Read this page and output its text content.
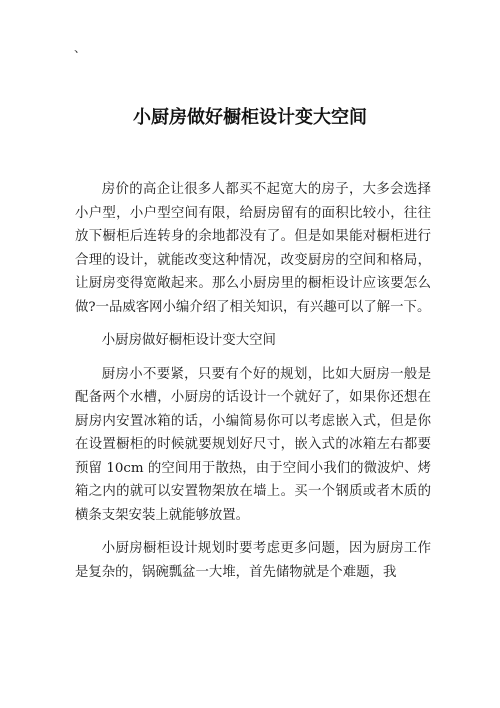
、
小厨房做好橱柜设计变大空间

房价的高企让很多人都买不起宽大的房子，大多会选择小户型，小户型空间有限，给厨房留有的面积比较小，往往放下橱柜后连转身的余地都没有了。但是如果能对橱柜进行合理的设计，就能改变这种情况，改变厨房的空间和格局，让厨房变得宽敞起来。那么小厨房里的橱柜设计应该要怎么做?一品威客网小编介绍了相关知识，有兴趣可以了解一下。

小厨房做好橱柜设计变大空间

厨房小不要紧，只要有个好的规划，比如大厨房一般是配备两个水槽，小厨房的话设计一个就好了，如果你还想在厨房内安置冰箱的话，小编简易你可以考虑嵌入式，但是你在设置橱柜的时候就要规划好尺寸，嵌入式的冰箱左右都要预留 10cm 的空间用于散热，由于空间小我们的微波炉、烤箱之内的就可以安置物架放在墙上。买一个钢质或者木质的横条支架安装上就能够放置。

小厨房橱柜设计规划时要考虑更多问题，因为厨房工作是复杂的，锅碗瓢盆一大堆，首先储物就是个难题，我
